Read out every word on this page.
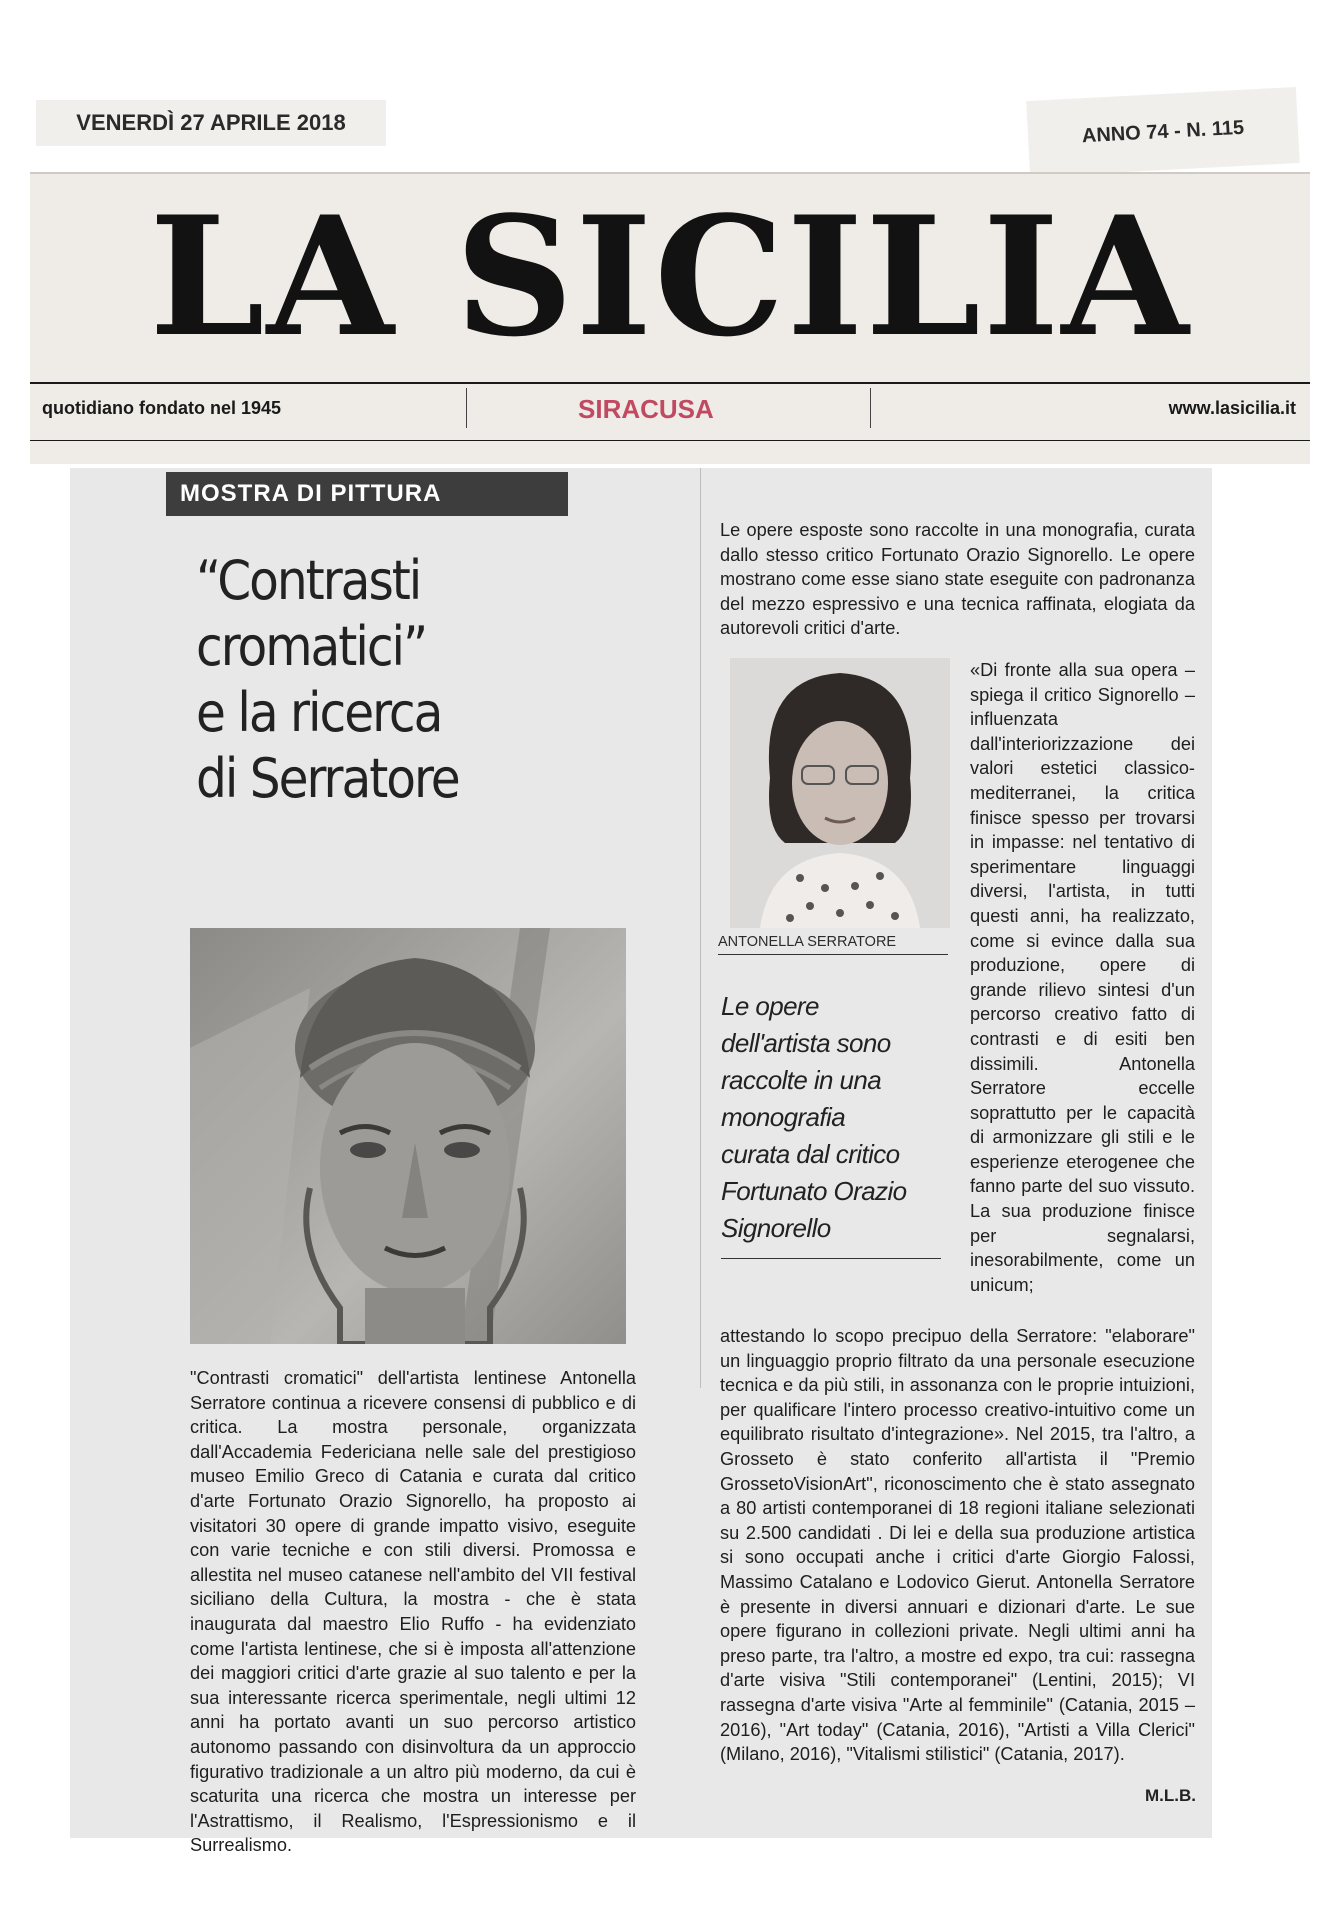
VENERDÌ 27 APRILE 2018	ANNO 74 - N. 115
LA SICILIA
quotidiano fondato nel 1945	SIRACUSA	www.lasicilia.it
MOSTRA DI PITTURA
“Contrasti
cromatici”
e la ricerca
di Serratore
"Contrasti cromatici" dell'artista lentinese Antonella Serratore continua a ricevere consensi di pubblico e di critica. La mostra personale, organizzata dall'Accademia Federiciana nelle sale del prestigioso museo Emilio Greco di Catania e curata dal critico d'arte Fortunato Orazio Signorello, ha proposto ai visitatori 30 opere di grande impatto visivo, eseguite con varie tecniche e con stili diversi. Promossa e allestita nel museo catanese nell'ambito del VII festival siciliano della Cultura, la mostra - che è stata inaugurata dal maestro Elio Ruffo - ha evidenziato come l'artista lentinese, che si è imposta all'attenzione dei maggiori critici d'arte grazie al suo talento e per la sua interessante ricerca sperimentale, negli ultimi 12 anni ha portato avanti un suo percorso artistico autonomo passando con disinvoltura da un approccio figurativo tradizionale a un altro più moderno, da cui è scaturita una ricerca che mostra un interesse per l'Astrattismo, il Realismo, l'Espressionismo e il Surrealismo.
Le opere esposte sono raccolte in una monografia, curata dallo stesso critico Fortunato Orazio Signorello. Le opere mostrano come esse siano state eseguite con padronanza del mezzo espressivo e una tecnica raffinata, elogiata da autorevoli critici d'arte.
ANTONELLA SERRATORE
Le opere
dell'artista sono
raccolte in una
monografia
curata dal critico
Fortunato Orazio
Signorello
«Di fronte alla sua opera – spiega il critico Signorello – influenzata dall'interiorizzazione dei valori estetici classico-mediterranei, la critica finisce spesso per trovarsi in impasse: nel tentativo di sperimentare linguaggi diversi, l'artista, in tutti questi anni, ha realizzato, come si evince dalla sua produzione, opere di grande rilievo sintesi d'un percorso creativo fatto di contrasti e di esiti ben dissimili. Antonella Serratore eccelle soprattutto per le capacità di armonizzare gli stili e le esperienze eterogenee che fanno parte del suo vissuto. La sua produzione finisce per segnalarsi, inesorabilmente, come un unicum;
attestando lo scopo precipuo della Serratore: "elaborare" un linguaggio proprio filtrato da una personale esecuzione tecnica e da più stili, in assonanza con le proprie intuizioni, per qualificare l'intero processo creativo-intuitivo come un equilibrato risultato d'integrazione». Nel 2015, tra l'altro, a Grosseto è stato conferito all'artista il "Premio GrossetoVisionArt", riconoscimento che è stato assegnato a 80 artisti contemporanei di 18 regioni italiane selezionati su 2.500 candidati . Di lei e della sua produzione artistica si sono occupati anche i critici d'arte Giorgio Falossi, Massimo Catalano e Lodovico Gierut. Antonella Serratore è presente in diversi annuari e dizionari d'arte. Le sue opere figurano in collezioni private. Negli ultimi anni ha preso parte, tra l'altro, a mostre ed expo, tra cui: rassegna d'arte visiva "Stili contemporanei" (Lentini, 2015); VI rassegna d'arte visiva "Arte al femminile" (Catania, 2015 –2016), "Art today" (Catania, 2016), "Artisti a Villa Clerici" (Milano, 2016), "Vitalismi stilistici" (Catania, 2017).
M.L.B.
